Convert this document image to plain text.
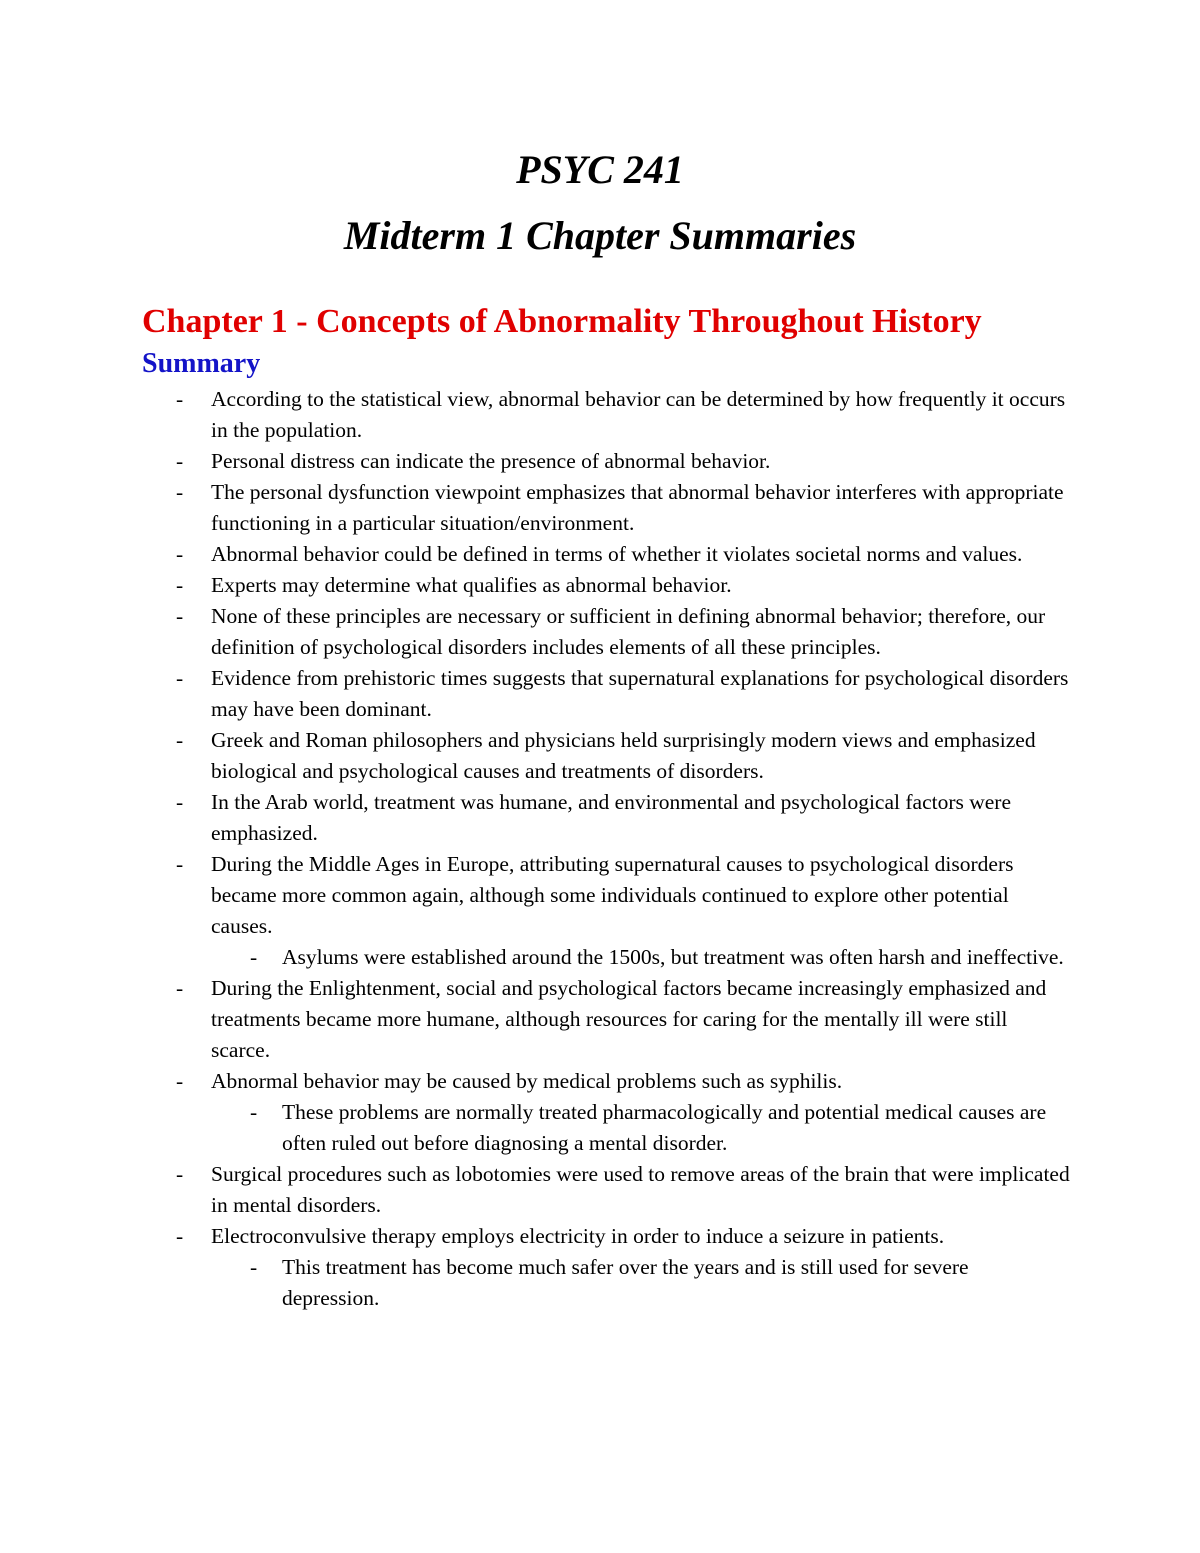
PSYC 241
Midterm 1 Chapter Summaries
Chapter 1 - Concepts of Abnormality Throughout History
Summary
- According to the statistical view, abnormal behavior can be determined by how frequently it occurs in the population.
- Personal distress can indicate the presence of abnormal behavior.
- The personal dysfunction viewpoint emphasizes that abnormal behavior interferes with appropriate functioning in a particular situation/environment.
- Abnormal behavior could be defined in terms of whether it violates societal norms and values.
- Experts may determine what qualifies as abnormal behavior.
- None of these principles are necessary or sufficient in defining abnormal behavior; therefore, our definition of psychological disorders includes elements of all these principles.
- Evidence from prehistoric times suggests that supernatural explanations for psychological disorders may have been dominant.
- Greek and Roman philosophers and physicians held surprisingly modern views and emphasized biological and psychological causes and treatments of disorders.
- In the Arab world, treatment was humane, and environmental and psychological factors were emphasized.
- During the Middle Ages in Europe, attributing supernatural causes to psychological disorders became more common again, although some individuals continued to explore other potential causes.
- Asylums were established around the 1500s, but treatment was often harsh and ineffective.
- During the Enlightenment, social and psychological factors became increasingly emphasized and treatments became more humane, although resources for caring for the mentally ill were still scarce.
- Abnormal behavior may be caused by medical problems such as syphilis.
- These problems are normally treated pharmacologically and potential medical causes are often ruled out before diagnosing a mental disorder.
- Surgical procedures such as lobotomies were used to remove areas of the brain that were implicated in mental disorders.
- Electroconvulsive therapy employs electricity in order to induce a seizure in patients.
- This treatment has become much safer over the years and is still used for severe depression.
